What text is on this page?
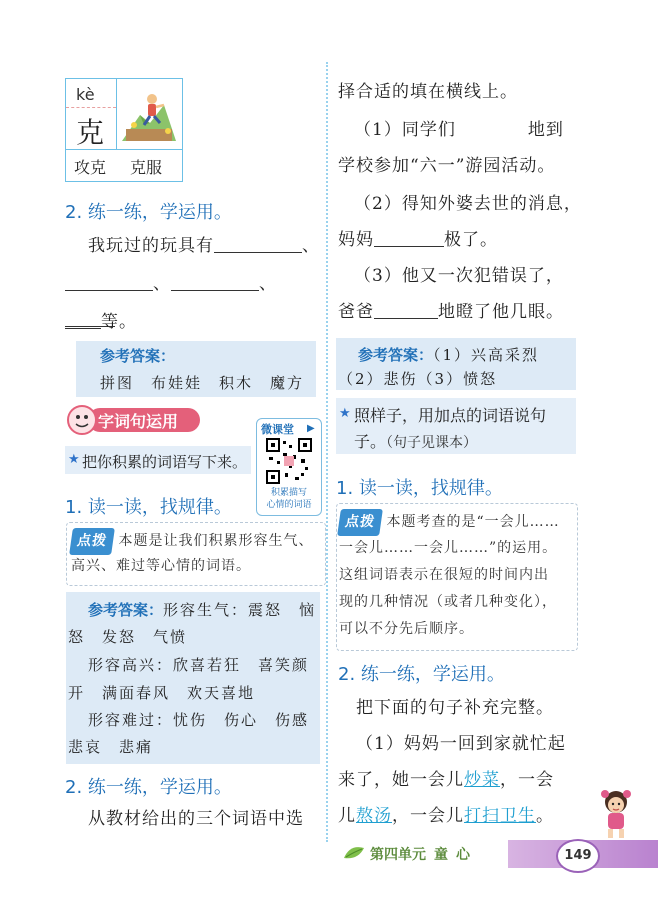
kè
克
攻克 克服
2. 练一练，学运用。
我玩过的玩具有	、
、	、
等。
参考答案：
拼图　布娃娃　积木　魔方
字词句运用	微课堂 ▶
积累描写
心情的词语
★ 把你积累的词语写下来。
1. 读一读，找规律。
点拨 本题是让我们积累形容生气、
高兴、难过等心情的词语。
参考答案：形容生气：震怒　恼
怒　发怒　气愤
形容高兴：欣喜若狂　喜笑颜
开　满面春风　欢天喜地
形容难过：忧伤　伤心　伤感
悲哀　悲痛
2. 练一练，学运用。
从教材给出的三个词语中选
择合适的填在横线上。
（1）同学们	地到
学校参加“六一”游园活动。
（2）得知外婆去世的消息，
妈妈	极了。
（3）他又一次犯错误了，
爸爸	地瞪了他几眼。
参考答案：（1）兴高采烈
（2）悲伤（3）愤怒
★ 照样子，用加点的词语说句
子。（句子见课本）
1. 读一读，找规律。
点拨 本题考查的是“一会儿……
一会儿……一会儿……”的运用。
这组词语表示在很短的时间内出
现的几种情况（或者几种变化），
可以不分先后顺序。
2. 练一练，学运用。
把下面的句子补充完整。
（1）妈妈一回到家就忙起
来了，她一会儿炒菜，一会
儿熬汤，一会儿打扫卫生。
第四单元 童心	149
